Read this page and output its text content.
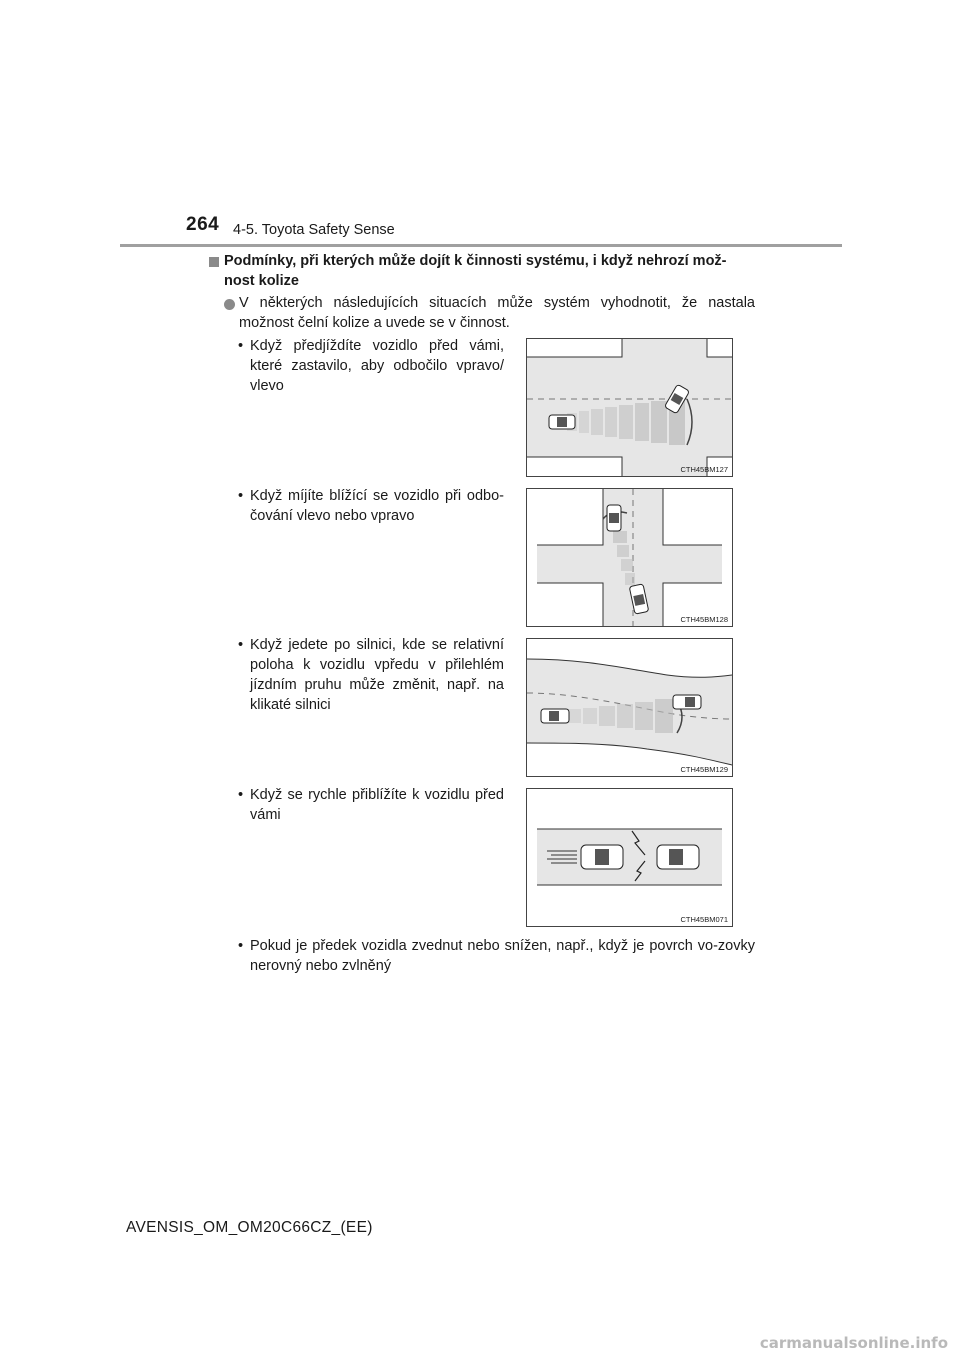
264 4-5. Toyota Safety Sense
Podmínky, při kterých může dojít k činnosti systému, i když nehrozí mož-nost kolize
V některých následujících situacích může systém vyhodnotit, že nastala možnost čelní kolize a uvede se v činnost.
• Když předjíždíte vozidlo před vámi, které zastavilo, aby odbočilo vpravo/ vlevo
• Když míjíte blížící se vozidlo při odbo-čování vlevo nebo vpravo
• Když jedete po silnici, kde se relativní poloha k vozidlu vpředu v přilehlém jízdním pruhu může změnit, např. na klikaté silnici
• Když se rychle přiblížíte k vozidlu před vámi
• Pokud je předek vozidla zvednut nebo snížen, např., když je povrch vo-zovky nerovný nebo zvlněný
CTH45BM127
CTH45BM128
CTH45BM129
CTH45BM071
AVENSIS_OM_OM20C66CZ_(EE)
carmanualsonline.info
